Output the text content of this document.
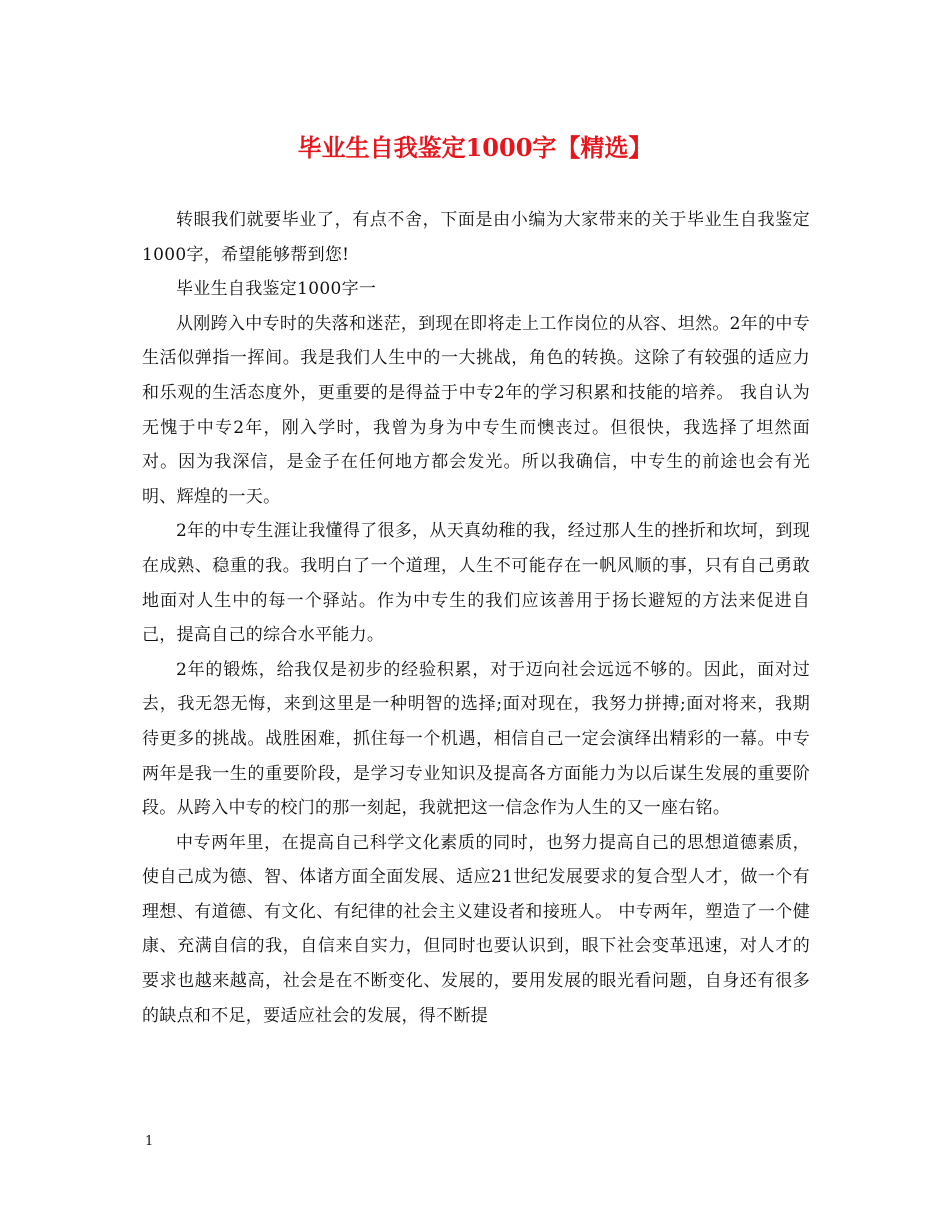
毕业生自我鉴定1000字【精选】

转眼我们就要毕业了，有点不舍，下面是由小编为大家带来的关于毕业生自我鉴定1000字，希望能够帮到您!

毕业生自我鉴定1000字一

从刚跨入中专时的失落和迷茫，到现在即将走上工作岗位的从容、坦然。2年的中专生活似弹指一挥间。我是我们人生中的一大挑战，角色的转换。这除了有较强的适应力和乐观的生活态度外，更重要的是得益于中专2年的学习积累和技能的培养。 我自认为无愧于中专2年，刚入学时，我曾为身为中专生而懊丧过。但很快，我选择了坦然面对。因为我深信，是金子在任何地方都会发光。所以我确信，中专生的前途也会有光明、辉煌的一天。

2年的中专生涯让我懂得了很多，从天真幼稚的我，经过那人生的挫折和坎坷，到现在成熟、稳重的我。我明白了一个道理，人生不可能存在一帆风顺的事，只有自己勇敢地面对人生中的每一个驿站。作为中专生的我们应该善用于扬长避短的方法来促进自己，提高自己的综合水平能力。

2年的锻炼，给我仅是初步的经验积累，对于迈向社会远远不够的。因此，面对过去，我无怨无悔，来到这里是一种明智的选择;面对现在，我努力拼搏;面对将来，我期待更多的挑战。战胜困难，抓住每一个机遇，相信自己一定会演绎出精彩的一幕。中专两年是我一生的重要阶段，是学习专业知识及提高各方面能力为以后谋生发展的重要阶段。从跨入中专的校门的那一刻起，我就把这一信念作为人生的又一座右铭。

中专两年里，在提高自己科学文化素质的同时，也努力提高自己的思想道德素质，使自己成为德、智、体诸方面全面发展、适应21世纪发展要求的复合型人才，做一个有理想、有道德、有文化、有纪律的社会主义建设者和接班人。 中专两年，塑造了一个健康、充满自信的我，自信来自实力，但同时也要认识到，眼下社会变革迅速，对人才的要求也越来越高，社会是在不断变化、发展的，要用发展的眼光看问题，自身还有很多的缺点和不足，要适应社会的发展，得不断提

1
